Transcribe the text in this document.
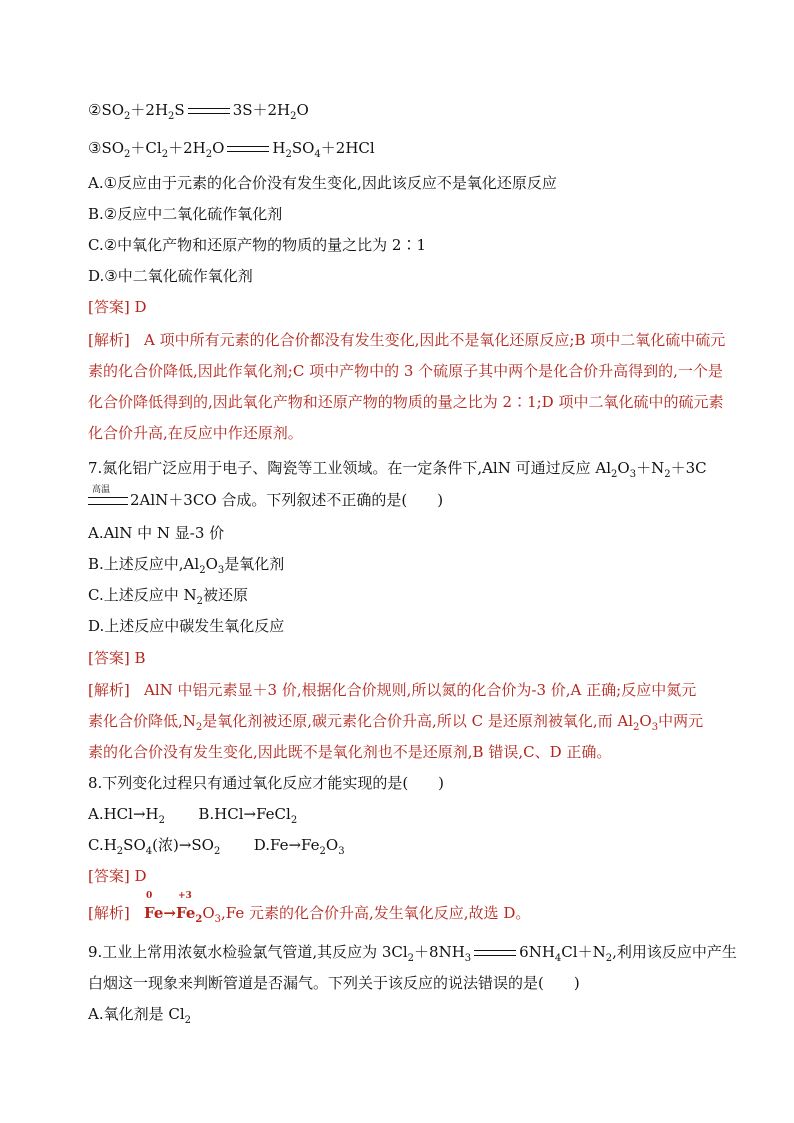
$②SO_2+2H_2S$	$3S+2H_2O$
$③SO_2+Cl_2+2H_2O$	$H_2SO_4+2HCl$
A.①反应由于元素的化合价没有发生变化,因此该反应不是氧化还原反应
B.②反应中二氧化硫作氧化剂
C.②中氧化产物和还原产物的物质的量之比为 2∶1
D.③中二氧化硫作氧化剂
[答案] D
[解析] A 项中所有元素的化合价都没有发生变化,因此不是氧化还原反应;B 项中二氧化硫中硫元素的化合价降低,因此作氧化剂;C 项中产物中的 3 个硫原子其中两个是化合价升高得到的,一个是化合价降低得到的,因此氧化产物和还原产物的物质的量之比为 2∶1;D 项中二氧化硫中的硫元素化合价升高,在反应中作还原剂。
7.氮化铝广泛应用于电子、陶瓷等工业领域。在一定条件下,AlN 可通过反应 $Al_2O_3+N_2+3C$
高温
2AlN＋3CO 合成。下列叙述不正确的是(　　)
A.AlN 中 N 显-3 价
B.上述反应中$,Al_2O_3$是氧化剂
C.上述反应中 $N_2$被还原
D.上述反应中碳发生氧化反应
[答案] B
[解析] AlN 中铝元素显＋3 价,根据化合价规则,所以氮的化合价为-3 价,A 正确;反应中氮元
素化合价降低$,N_2$是氧化剂被还原,碳元素化合价升高,所以 C 是还原剂被氧化,而 $Al_2O_3$中两元
素的化合价没有发生变化,因此既不是氧化剂也不是还原剂,B 错误,C、D 正确。
8.下列变化过程只有通过氧化反应才能实现的是(　　)
$A.HCl\to H_2$ B.HCl→FeCl$_2$
$C.H_2SO_4$(浓)$\to SO_2$ $D.Fe\to Fe_2O_3$
[答案] D
[解析]
0
Fe→
+3
$Fe_2O_3,Fe$ 元素的化合价升高,发生氧化反应,故选 D。
9.工业上常用浓氨水检验氯气管道,其反应为 $3Cl_2+8NH_3$	$6NH_4Cl+N_2$,利用该反应中产生
白烟这一现象来判断管道是否漏气。下列关于该反应的说法错误的是(　　)
A.氧化剂是 $Cl_2$
